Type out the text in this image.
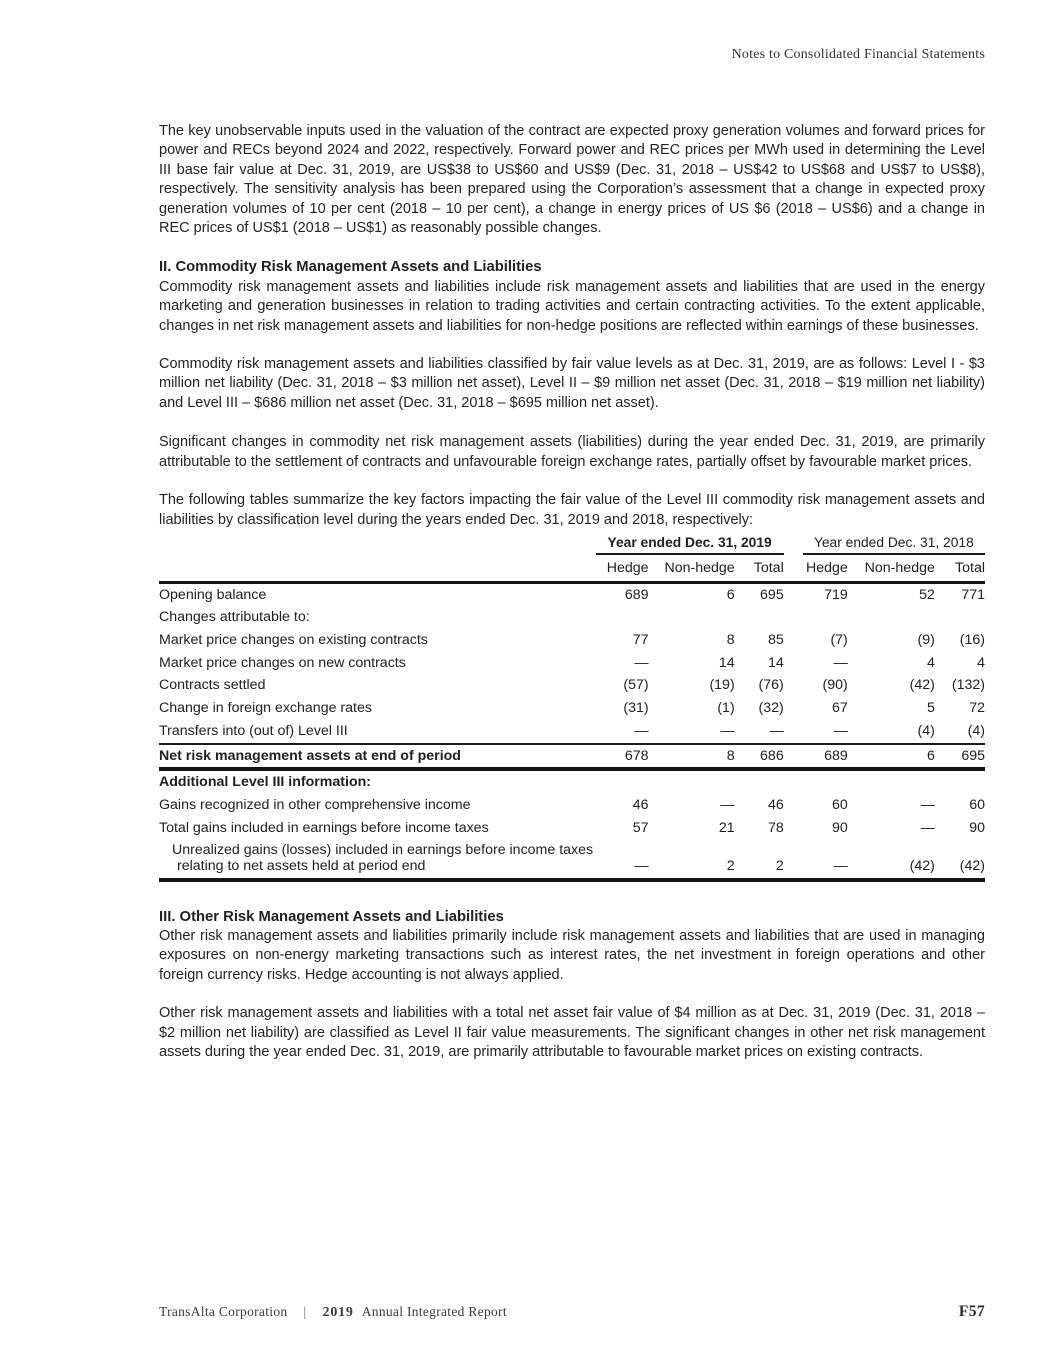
Notes to Consolidated Financial Statements

The key unobservable inputs used in the valuation of the contract are expected proxy generation volumes and forward prices for power and RECs beyond 2024 and 2022, respectively. Forward power and REC prices per MWh used in determining the Level III base fair value at Dec. 31, 2019, are US$38 to US$60 and US$9 (Dec. 31, 2018 – US$42 to US$68 and US$7 to US$8), respectively. The sensitivity analysis has been prepared using the Corporation’s assessment that a change in expected proxy generation volumes of 10 per cent (2018 – 10 per cent), a change in energy prices of US $6 (2018 – US$6) and a change in REC prices of US$1 (2018 – US$1) as reasonably possible changes.

II. Commodity Risk Management Assets and Liabilities

Commodity risk management assets and liabilities include risk management assets and liabilities that are used in the energy marketing and generation businesses in relation to trading activities and certain contracting activities. To the extent applicable, changes in net risk management assets and liabilities for non-hedge positions are reflected within earnings of these businesses.

Commodity risk management assets and liabilities classified by fair value levels as at Dec. 31, 2019, are as follows: Level I - $3 million net liability (Dec. 31, 2018 – $3 million net asset), Level II – $9 million net asset (Dec. 31, 2018 – $19 million net liability) and Level III – $686 million net asset (Dec. 31, 2018 – $695 million net asset).

Significant changes in commodity net risk management assets (liabilities) during the year ended Dec. 31, 2019, are primarily attributable to the settlement of contracts and unfavourable foreign exchange rates, partially offset by favourable market prices.

The following tables summarize the key factors impacting the fair value of the Level III commodity risk management assets and liabilities by classification level during the years ended Dec. 31, 2019 and 2018, respectively:

	Year ended Dec. 31, 2019			Year ended Dec. 31, 2018		

	Hedge	Non-hedge	Total	Hedge	Non-hedge	Total
Opening balance	689	6	695	719	52	771
Changes attributable to:						
Market price changes on existing contracts	77	8	85	(7)	(9)	(16)
Market price changes on new contracts	—	14	14	—	4	4
Contracts settled	(57)	(19)	(76)	(90)	(42)	(132)
Change in foreign exchange rates	(31)	(1)	(32)	67	5	72
Transfers into (out of) Level III	—	—	—	—	(4)	(4)
Net risk management assets at end of period	678	8	686	689	6	695
Additional Level III information:						
Gains recognized in other comprehensive income	46	—	46	60	—	60
Total gains included in earnings before income taxes	57	21	78	90	—	90
Unrealized gains (losses) included in earnings before income taxes relating to net assets held at period end	—	2	2	—	(42)	(42)
III. Other Risk Management Assets and Liabilities

Other risk management assets and liabilities primarily include risk management assets and liabilities that are used in managing exposures on non-energy marketing transactions such as interest rates, the net investment in foreign operations and other foreign currency risks. Hedge accounting is not always applied.

Other risk management assets and liabilities with a total net asset fair value of $4 million as at Dec. 31, 2019 (Dec. 31, 2018 – $2 million net liability) are classified as Level II fair value measurements. The significant changes in other net risk management assets during the year ended Dec. 31, 2019, are primarily attributable to favourable market prices on existing contracts.

TransAlta Corporation | 2019 Annual Integrated Report	F57
